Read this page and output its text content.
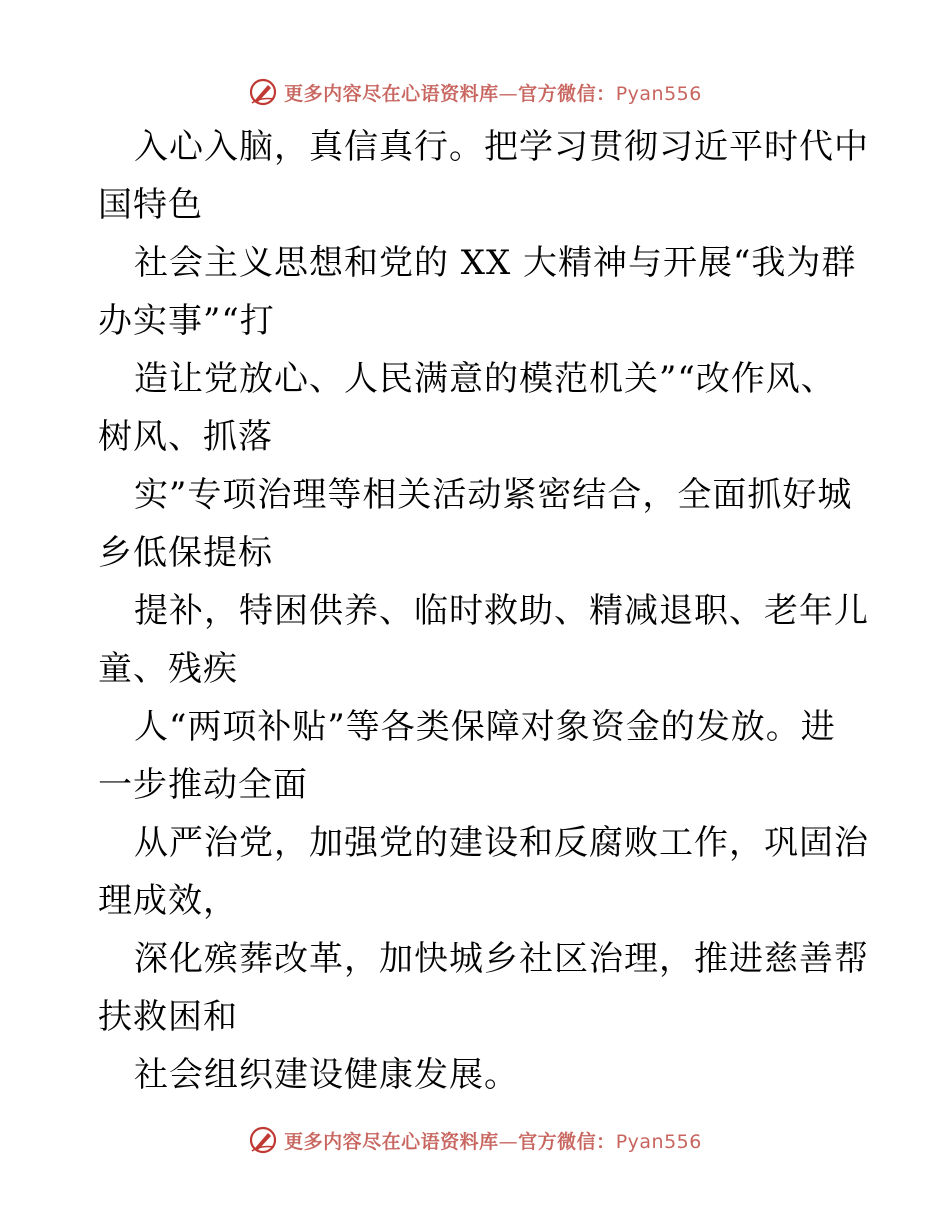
更多内容尽在心语资料库—官方微信：Pyan556
入心入脑，真信真行。把学习贯彻习近平时代中
国特色
社会主义思想和党的 XX 大精神与开展“我为群
办实事”“打
造让党放心、人民满意的模范机关”“改作风、
树风、抓落
实”专项治理等相关活动紧密结合，全面抓好城
乡低保提标
提补，特困供养、临时救助、精减退职、老年儿
童、残疾
人“两项补贴”等各类保障对象资金的发放。进
一步推动全面
从严治党，加强党的建设和反腐败工作，巩固治
理成效，
深化殡葬改革，加快城乡社区治理，推进慈善帮
扶救困和
社会组织建设健康发展。
更多内容尽在心语资料库—官方微信：Pyan556
